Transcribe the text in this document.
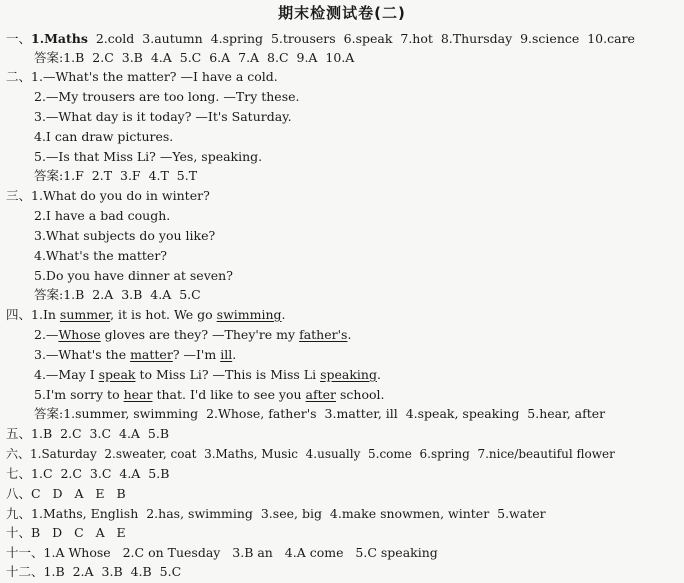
期末检测试卷(二)
一、1.Maths 2.cold 3.autumn 4.spring 5.trousers 6.speak 7.hot 8.Thursday 9.science 10.care
答案:1.B 2.C 3.B 4.A 5.C 6.A 7.A 8.C 9.A 10.A
二、1.—What's the matter? —I have a cold.
2.—My trousers are too long. —Try these.
3.—What day is it today? —It's Saturday.
4.I can draw pictures.
5.—Is that Miss Li? —Yes, speaking.
答案:1.F 2.T 3.F 4.T 5.T
三、1.What do you do in winter?
2.I have a bad cough.
3.What subjects do you like?
4.What's the matter?
5.Do you have dinner at seven?
答案:1.B 2.A 3.B 4.A 5.C
四、1.In summer, it is hot. We go swimming.
2.—Whose gloves are they? —They're my father's.
3.—What's the matter? —I'm ill.
4.—May I speak to Miss Li? —This is Miss Li speaking.
5.I'm sorry to hear that. I'd like to see you after school.
答案:1.summer, swimming 2.Whose, father's 3.matter, ill 4.speak, speaking 5.hear, after
五、1.B 2.C 3.C 4.A 5.B
六、1.Saturday 2.sweater, coat 3.Maths, Music 4.usually 5.come 6.spring 7.nice/beautiful flower
七、1.C 2.C 3.C 4.A 5.B
八、C D A E B
九、1.Maths, English 2.has, swimming 3.see, big 4.make snowmen, winter 5.water
十、B D C A E
十一、1.A Whose 2.C on Tuesday 3.B an 4.A come 5.C speaking
十二、1.B 2.A 3.B 4.B 5.C
